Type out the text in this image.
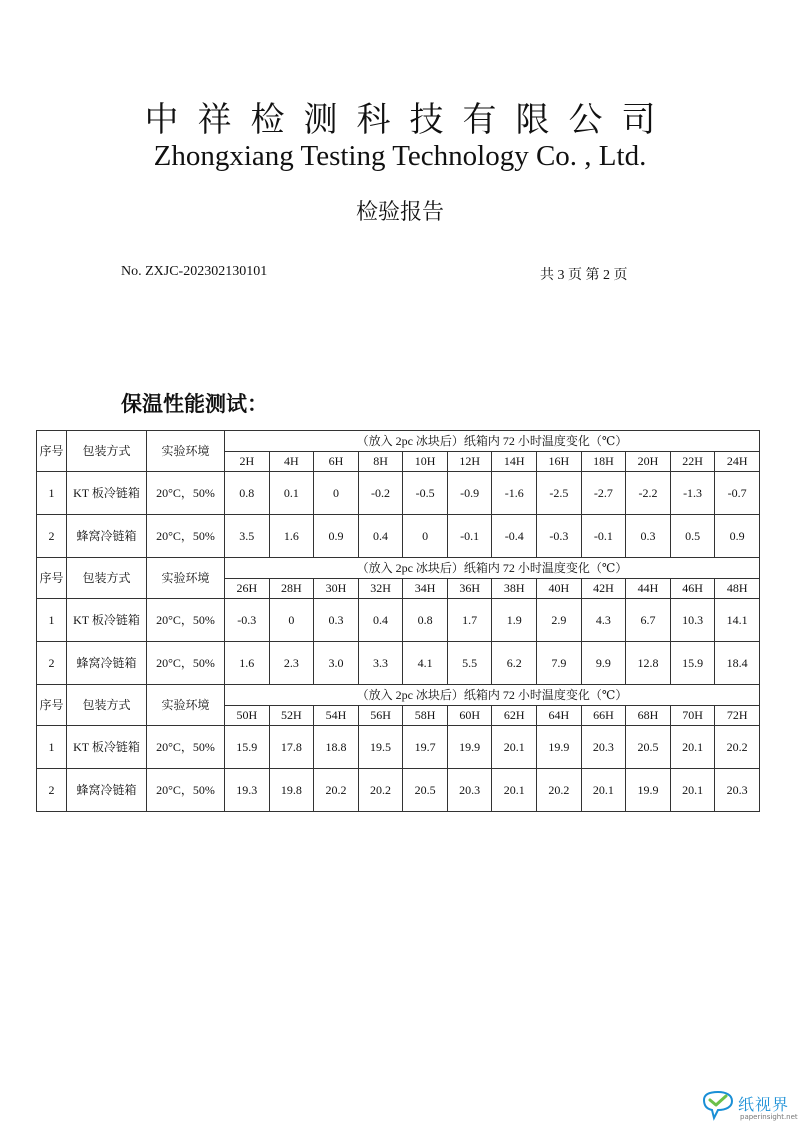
中祥检测科技有限公司
Zhongxiang Testing Technology Co. , Ltd.
检验报告
No. ZXJC-202302130101	共 3 页 第 2 页
保温性能测试：
序号	包装方式	实验环境	（放入 2pc 冰块后）纸箱内 72 小时温度变化（℃）											
			2H	4H	6H	8H	10H	12H	14H	16H	18H	20H	22H	24H
1	KT 板冷链箱	20°C，50%	0.8	0.1	0	-0.2	-0.5	-0.9	-1.6	-2.5	-2.7	-2.2	-1.3	-0.7
2	蜂窝冷链箱	20°C，50%	3.5	1.6	0.9	0.4	0	-0.1	-0.4	-0.3	-0.1	0.3	0.5	0.9
序号	包装方式	实验环境	（放入 2pc 冰块后）纸箱内 72 小时温度变化（℃）											
			26H	28H	30H	32H	34H	36H	38H	40H	42H	44H	46H	48H
1	KT 板冷链箱	20°C，50%	-0.3	0	0.3	0.4	0.8	1.7	1.9	2.9	4.3	6.7	10.3	14.1
2	蜂窝冷链箱	20°C，50%	1.6	2.3	3.0	3.3	4.1	5.5	6.2	7.9	9.9	12.8	15.9	18.4
序号	包装方式	实验环境	（放入 2pc 冰块后）纸箱内 72 小时温度变化（℃）											
			50H	52H	54H	56H	58H	60H	62H	64H	66H	68H	70H	72H
1	KT 板冷链箱	20°C，50%	15.9	17.8	18.8	19.5	19.7	19.9	20.1	19.9	20.3	20.5	20.1	20.2
2	蜂窝冷链箱	20°C，50%	19.3	19.8	20.2	20.2	20.5	20.3	20.1	20.2	20.1	19.9	20.1	20.3
纸视界
paperinsight.net
